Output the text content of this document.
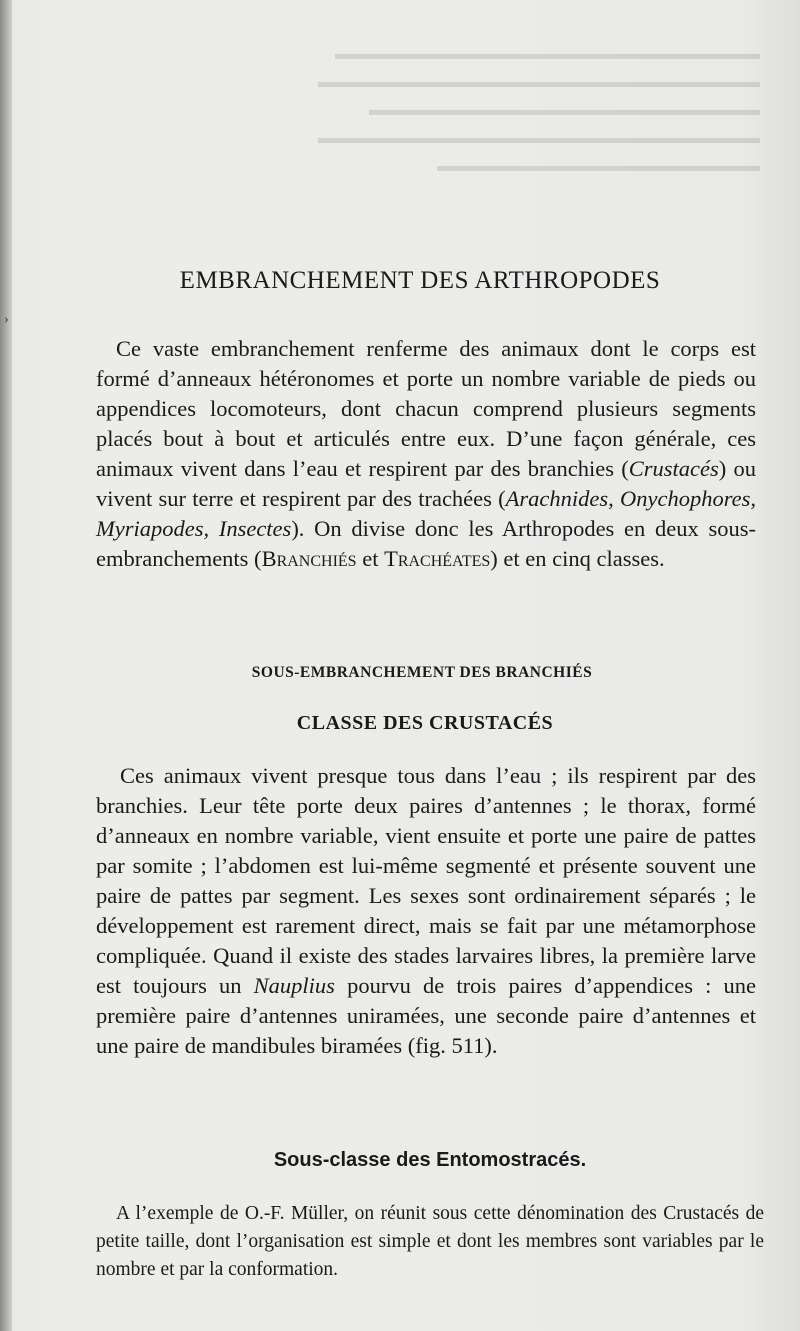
▬▬▬▬▬▬▬▬▬▬▬▬▬▬▬▬▬▬▬▬▬▬▬▬▬
▬▬▬▬▬▬▬▬▬▬▬▬▬▬▬▬▬▬▬▬▬▬▬▬▬▬
▬▬▬▬▬▬▬▬▬▬▬▬▬▬▬▬▬▬▬▬▬▬▬
▬▬▬▬▬▬▬▬▬▬▬▬▬▬▬▬▬▬▬▬▬▬▬▬▬▬
▬▬▬▬▬▬▬▬▬▬▬▬▬▬▬▬▬▬▬
›
EMBRANCHEMENT DES ARTHROPODES

Ce vaste embranchement renferme des animaux dont le corps est formé d’anneaux hétéronomes et porte un nombre variable de pieds ou appendices locomoteurs, dont chacun comprend plusieurs segments placés bout à bout et articulés entre eux. D’une façon générale, ces animaux vivent dans l’eau et respirent par des branchies (Crustacés) ou vivent sur terre et respirent par des trachées (Arachnides, Onychophores, Myriapodes, Insectes). On divise donc les Arthropodes en deux sous-embranchements (Branchiés et Trachéates) et en cinq classes.

SOUS-EMBRANCHEMENT DES BRANCHIÉS
CLASSE DES CRUSTACÉS

Ces animaux vivent presque tous dans l’eau ; ils respirent par des branchies. Leur tête porte deux paires d’antennes ; le thorax, formé d’anneaux en nombre variable, vient ensuite et porte une paire de pattes par somite ; l’abdomen est lui-même segmenté et présente souvent une paire de pattes par segment. Les sexes sont ordinairement séparés ; le développement est rarement direct, mais se fait par une métamorphose compliquée. Quand il existe des stades larvaires libres, la première larve est toujours un Nauplius pourvu de trois paires d’appendices : une première paire d’antennes uniramées, une seconde paire d’antennes et une paire de mandibules biramées (fig. 511).

Sous-classe des Entomostracés.

A l’exemple de O.-F. Müller, on réunit sous cette dénomination des Crustacés de petite taille, dont l’organisation est simple et dont les membres sont variables par le nombre et par la conformation.
